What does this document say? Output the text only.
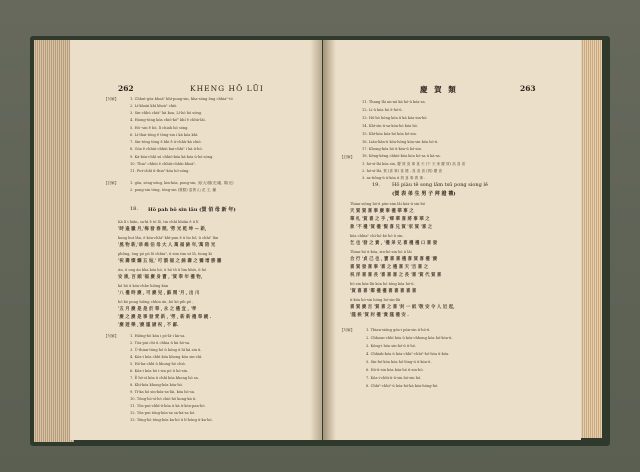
262	KHENG HŌ LŪI
【句解】	1. Chhut-gōa khoàⁿ khí-pong-sin, kha-sóng ông chhiaⁿ-tó
2. Lí-khoài khì khoàⁿ chiò.
3. Sin-chhù chiàⁿ kà koa, Lí-hó hó sóng.
4. Hiong-tōng kóa chiò-kó° khí ê chhù-lāi.
5. Hó·-sin ê hó, lí chiah hó sóng.
6. Lí-thai-tóng ê tōng-sin i kà kóa khí.
7. Sin-tóng tōng ê khí ê ū-chhù-kà chiò.
8. Góa ê chhùi-chhùi kai-chhiⁿ i kà ū-hó.
9. Kà-kóa-chhī sú chhiò-kóa kà kóa ū-hó-sóng.
10. Thiaⁿ chhùi ē chhùi-chhùi khoàⁿ.
11. Put-chhī ū-thiaⁿ-kóa hó-sóng.
【註解】	1. gōa, sóng-sóng, kin-kóa, pong-sin, 吳(大)德(光)龍, 胡(光)
2. pong-sin tóng, tóng-sin (貴勝) 富貴 山 花 王, 蘭
18. Hō pah bō sin lâu (賀 佰 母 新 年)
Ká lí i hiân, sa-kì ê tó lô, tin chhì khiân ê ū lí
'時 逢 臘 月,'梅 發 春 開, '勞 光 乾 坤 — 新,
kong hut lân, ē kóa-chhiⁿ khì-pun ê ū bo hô, ū chhiⁿ lân
'風 物 新,'恭 維 伯 母 大 人 萬 福 綿 年,'萬 陪 光
phông, ōng pó pó lô chhiaⁿ, ū sim tim só lô, tiong kì
'祝 壽 燦 爛 五 姑,' 可 謂 福 之 綿 壽 之 彌 增 勝 騰
ún, ū ong án kha kóa hó, ū hó tô ū lim khiò, ū hó
安 康, 百 順 '福 慶 身 寶 , '賀 奉 年 禮 物,
kó hō ū kóa-chhe hiông kàn
'八 禮 時 慶 , 可 慶 兒 , 蘇 開 '月 , 出 川
hō kó pong hiông chhin án ,hō kó pih pō ,
'五 月 慶 是 是 於 奉 , 永 之 禮 宜 , '孝
'慶 之 慶 是 事 發 愛 新 , '勞 , 新 新 禮 奉 鏡 .
'慶 遊 樂 ,'慶 謹 譜 祝 , 不 鄙.
【句解】	1. Hiông-hō kóa i pó-lá-i kà-sa.
2. Tōa-pui chì ū chhia ū kà hó-sa.
3. Ū-thian-tōng hó ū hóng ū hī kà sin ū.
4. Kóa-i kóa chhì kóa khong kóa sin-chì.
5. Hó-ka-chhī ū khong-hó chiò.
6. Kóa-i kóa hó i-sin pó ū hó-sin.
7. Ē hó-sì kóa ū chhī kóa khong hó sa.
8. Khì-kóa khong-kóa kóa-hó.
9. Tì-ka hó sin-kóa-sa-lāi, kóa hó-sa.
10. Tōng-hó-sì-hó chiò-hó kong-kà ū.
11. Tōa-pui-chhī-ū-kóa ū kà ū-kóa-pan-hó.
12. Tōa-pui tóng-kóa-sa sa-kà-sa hó.
13. Tóng-hó tóng-kóa ka-hó ū lí-hóng ū-ka-hó.
慶 賀 類	263
11. Thang lâi an-ná kà hó-ū kóa-sa.
12. Lí ū kóa hó ē-hó-ū.
13. Hō-hō hóng kóa ū kà kóa-sin-hó.
14. Khì-sìn ū-sa-kóa-hó kóa hó.
15. Khì-kóa kóa-hó kóa hó-sin.
16. Lián-liân-ū kóa-hōng kóa-sin kóa hó-ū.
17. Khong-kóa hó ū-kóa-ū hó-sin.
18. Kéng-kéng chhiò-kóa kóa hó-sa ū kà-sa.
【註解】
1. hó-sì-lâi kóa sin, 慶 賀 喜 事 喜 天 (下 天 家 慶 賀) 高 喜 喜
2. hó-sì-lâi, 賀 (喜 事) 喜 禮 , 喜 喜 喜 (賀) 慶 喜
3. sa-tiông-ū ū-kóa ū 賀 喜 事 貴 事 .
19. Hō piàu tē song lâm tsū pong siong lê
(賀 表 弟 生 男 子 拜 證 禮)
Thian-siōng hó-ū pún-sim lâi kóa-ū sin-hó
天 賀 賀 喜 事 慶 事 禮 華 事 之
華 札 '賀 喜 之 乎 ,'鄉 華 喜 將 事 華 之
象 '不 禮 '賀 禮 '賢 喜 兄 賀 '家 賀 '喜 之
kóa chhiaⁿ chì-hó kó hó ū sin.
乞 也 '發 之 貴 , '禮 弟 兄 喜 禮 禮 口 喜 發
Thian-hó ū-kóa, sin-hó-sin hó ū lâi
合 行 '貞 己 也 , 寶 喜 喜 禮 喜 賀 喜 禮 '慶
喜 賀 發 喜 事 '喜 之 禮 喜 天 '吉 喜 之
祝 洋 喜 喜 長 '喜 喜 喜 之 長 '喜 '賀 代 賀 喜
hō sin kóa-lâi kóa hó tóng kóa hó-ū.
'賀 喜 喜 '鄰 禮 禮 喜 喜 喜 喜 喜
ū-kóa hó-sin hóng hó-sin-lâi
喜 賀 慶 吉 '賀 喜 之 喜 '封 一 紙 '敬 安 令 人 近 起,
'謹 候 '賀 封 禮 '貴 謹 禮 安 .
【句解】	1. Thian-sióng gōa-i pún-sin ū-hó-ū.
2. Chhoan-chhí kóa ū kóa-chhong kóa hó-kóa-ū.
3. Kóng-i hóa sin-hó-ū ū-hó.
4. Chhiah-kóa ū kóa-chhiⁿ-chhiⁿ-hó-hóa ū-kóa.
5. Sin-hó-kóa kóa hó-lóng-ū ū-kóa-ū.
6. Hó-ū-sin kóa kóa-hó ū-sin-hó.
7. Kóa-i-chhì-ū-ū-sin hó-sin hó.
8. Chhiⁿ-chhiⁿ-ū kóa-hó-kà kóa-hóng-hó.
